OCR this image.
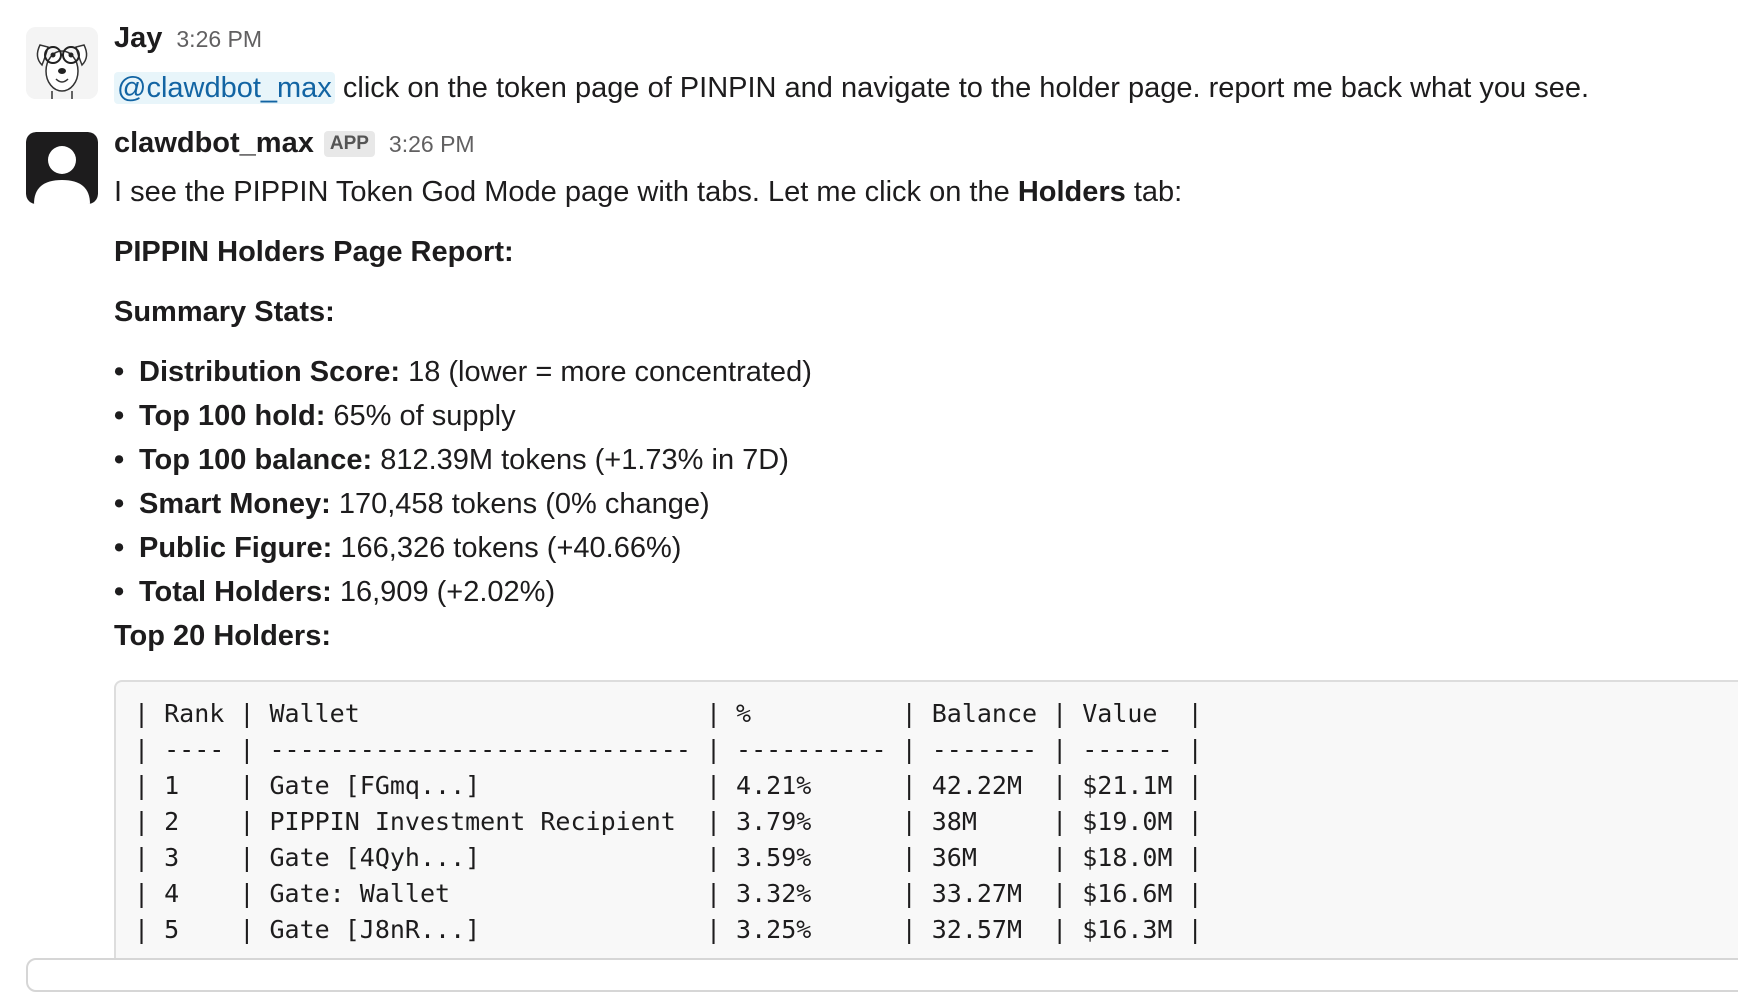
Jay 3:26 PM
@clawdbot_max click on the token page of PINPIN and navigate to the holder page. report me back what you see.
clawdbot_max APP 3:26 PM
I see the PIPPIN Token God Mode page with tabs. Let me click on the Holders tab:
PIPPIN Holders Page Report:
Summary Stats:
• Distribution Score: 18 (lower = more concentrated)
• Top 100 hold: 65% of supply
• Top 100 balance: 812.39M tokens (+1.73% in 7D)
• Smart Money: 170,458 tokens (0% change)
• Public Figure: 166,326 tokens (+40.66%)
• Total Holders: 16,909 (+2.02%)
Top 20 Holders:
| Rank | Wallet                       | %          | Balance | Value  |
| ---- | ---------------------------- | ---------- | ------- | ------ |
| 1    | Gate [FGmq...]               | 4.21%      | 42.22M  | $21.1M |
| 2    | PIPPIN Investment Recipient  | 3.79%      | 38M     | $19.0M |
| 3    | Gate [4Qyh...]               | 3.59%      | 36M     | $18.0M |
| 4    | Gate: Wallet                 | 3.32%      | 33.27M  | $16.6M |
| 5    | Gate [J8nR...]               | 3.25%      | 32.57M  | $16.3M |
